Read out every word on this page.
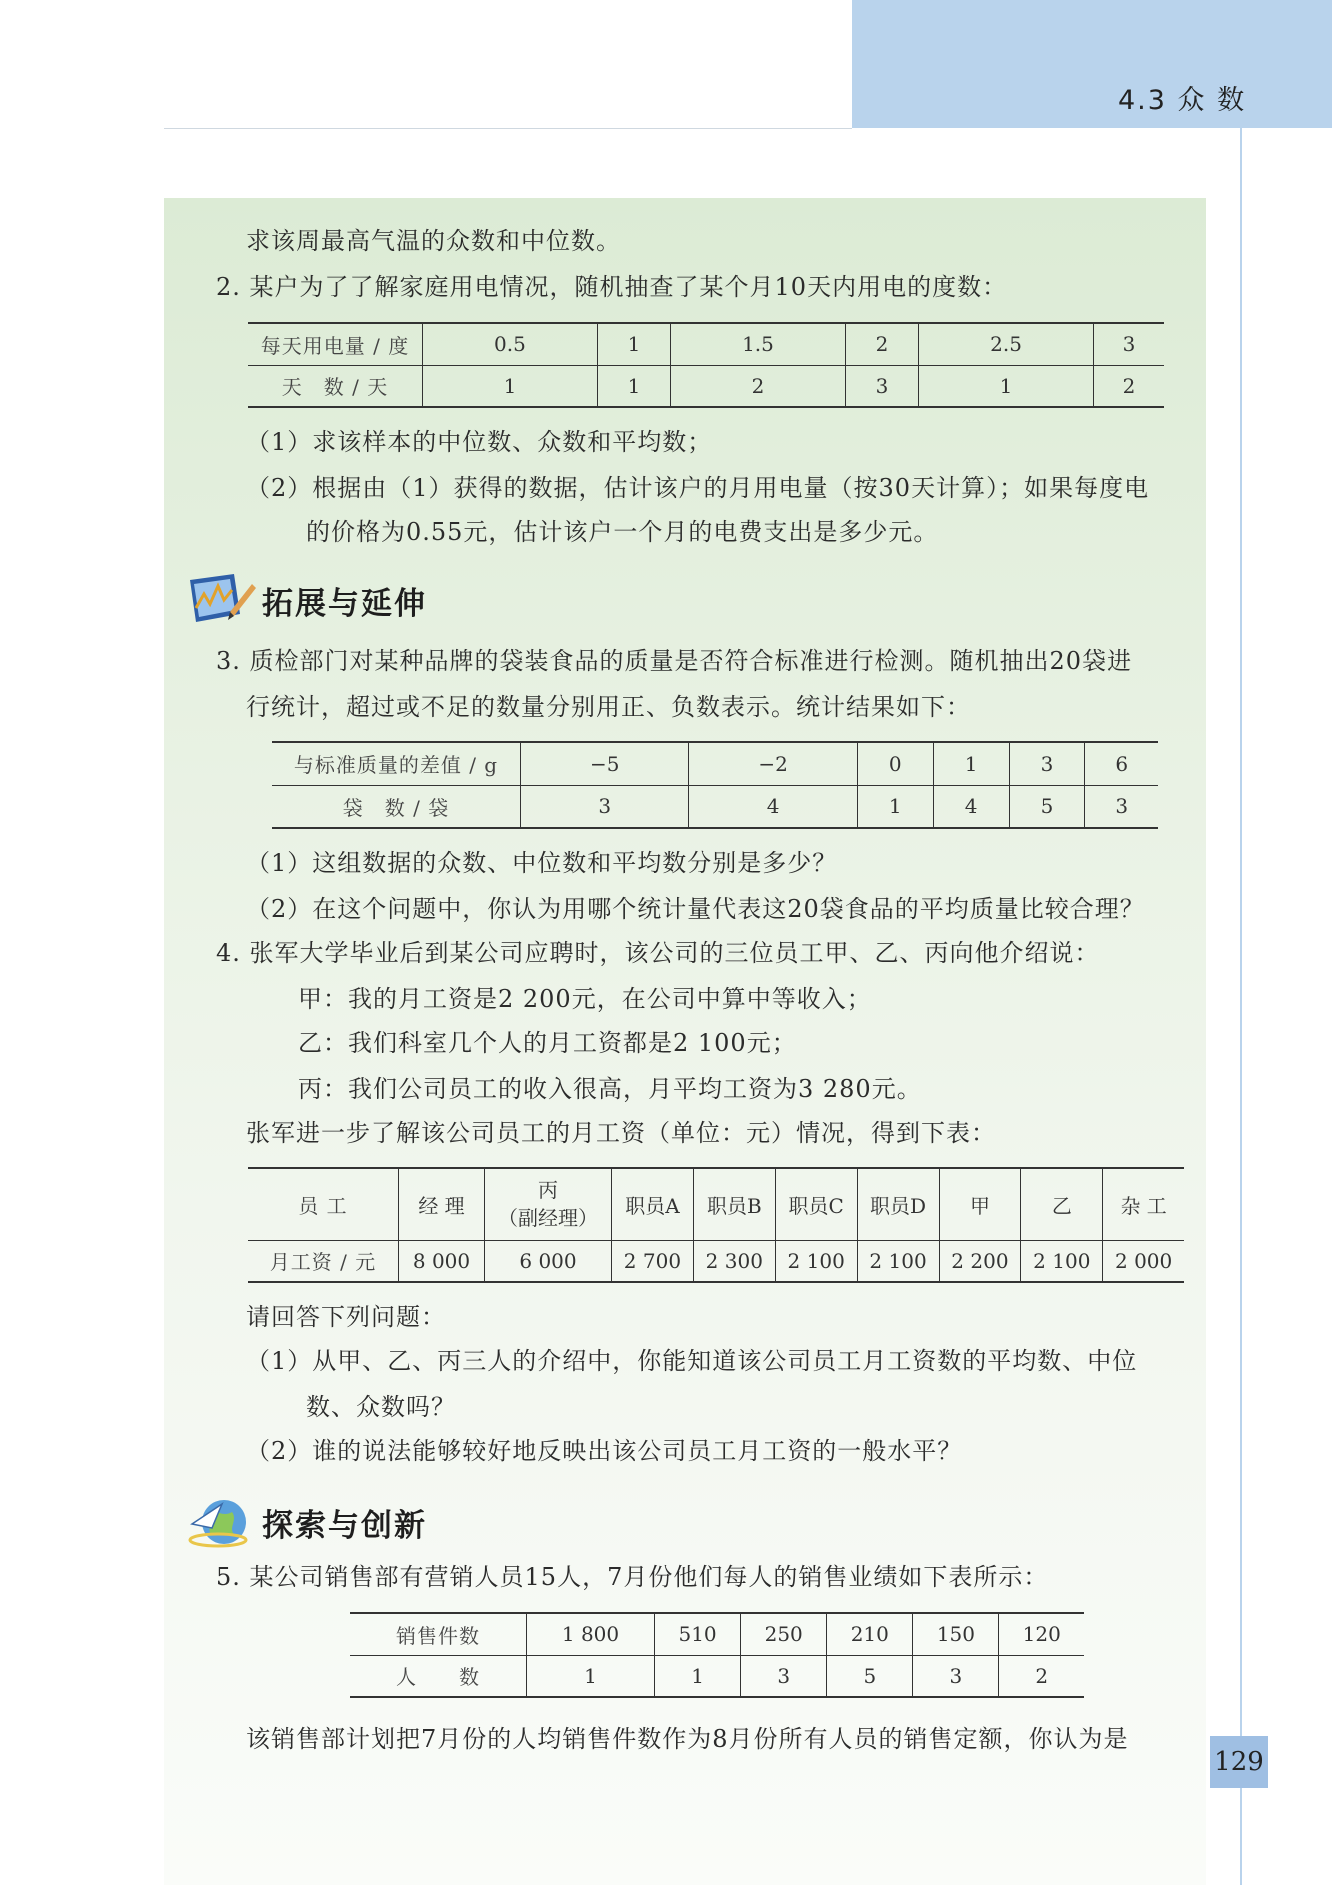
4.3 众 数
求该周最高气温的众数和中位数。
2. 某户为了了解家庭用电情况，随机抽查了某个月10天内用电的度数：
每天用电量 / 度	0.5	1	1.5	2	2.5	3
天　数 / 天	1	1	2	3	1	2
（1）求该样本的中位数、众数和平均数；
（2）根据由（1）获得的数据，估计该户的月用电量（按30天计算）；如果每度电
的价格为0.55元，估计该户一个月的电费支出是多少元。
拓展与延伸
3. 质检部门对某种品牌的袋装食品的质量是否符合标准进行检测。随机抽出20袋进
行统计，超过或不足的数量分别用正、负数表示。统计结果如下：
与标准质量的差值 / g	−5	−2	0	1	3	6
袋　数 / 袋	3	4	1	4	5	3
（1）这组数据的众数、中位数和平均数分别是多少？
（2）在这个问题中，你认为用哪个统计量代表这20袋食品的平均质量比较合理？
4. 张军大学毕业后到某公司应聘时，该公司的三位员工甲、乙、丙向他介绍说：
甲：我的月工资是2 200元，在公司中算中等收入；
乙：我们科室几个人的月工资都是2 100元；
丙：我们公司员工的收入很高，月平均工资为3 280元。
张军进一步了解该公司员工的月工资（单位：元）情况，得到下表：
员 工	经 理	丙
（副经理）	职员A	职员B	职员C	职员D	甲	乙	杂 工
月工资 / 元	8 000	6 000	2 700	2 300	2 100	2 100	2 200	2 100	2 000
请回答下列问题：
（1）从甲、乙、丙三人的介绍中，你能知道该公司员工月工资数的平均数、中位
数、众数吗？
（2）谁的说法能够较好地反映出该公司员工月工资的一般水平？
探索与创新
5. 某公司销售部有营销人员15人，7月份他们每人的销售业绩如下表所示：
销售件数	1 800	510	250	210	150	120
人　　数	1	1	3	5	3	2
该销售部计划把7月份的人均销售件数作为8月份所有人员的销售定额，你认为是
129
